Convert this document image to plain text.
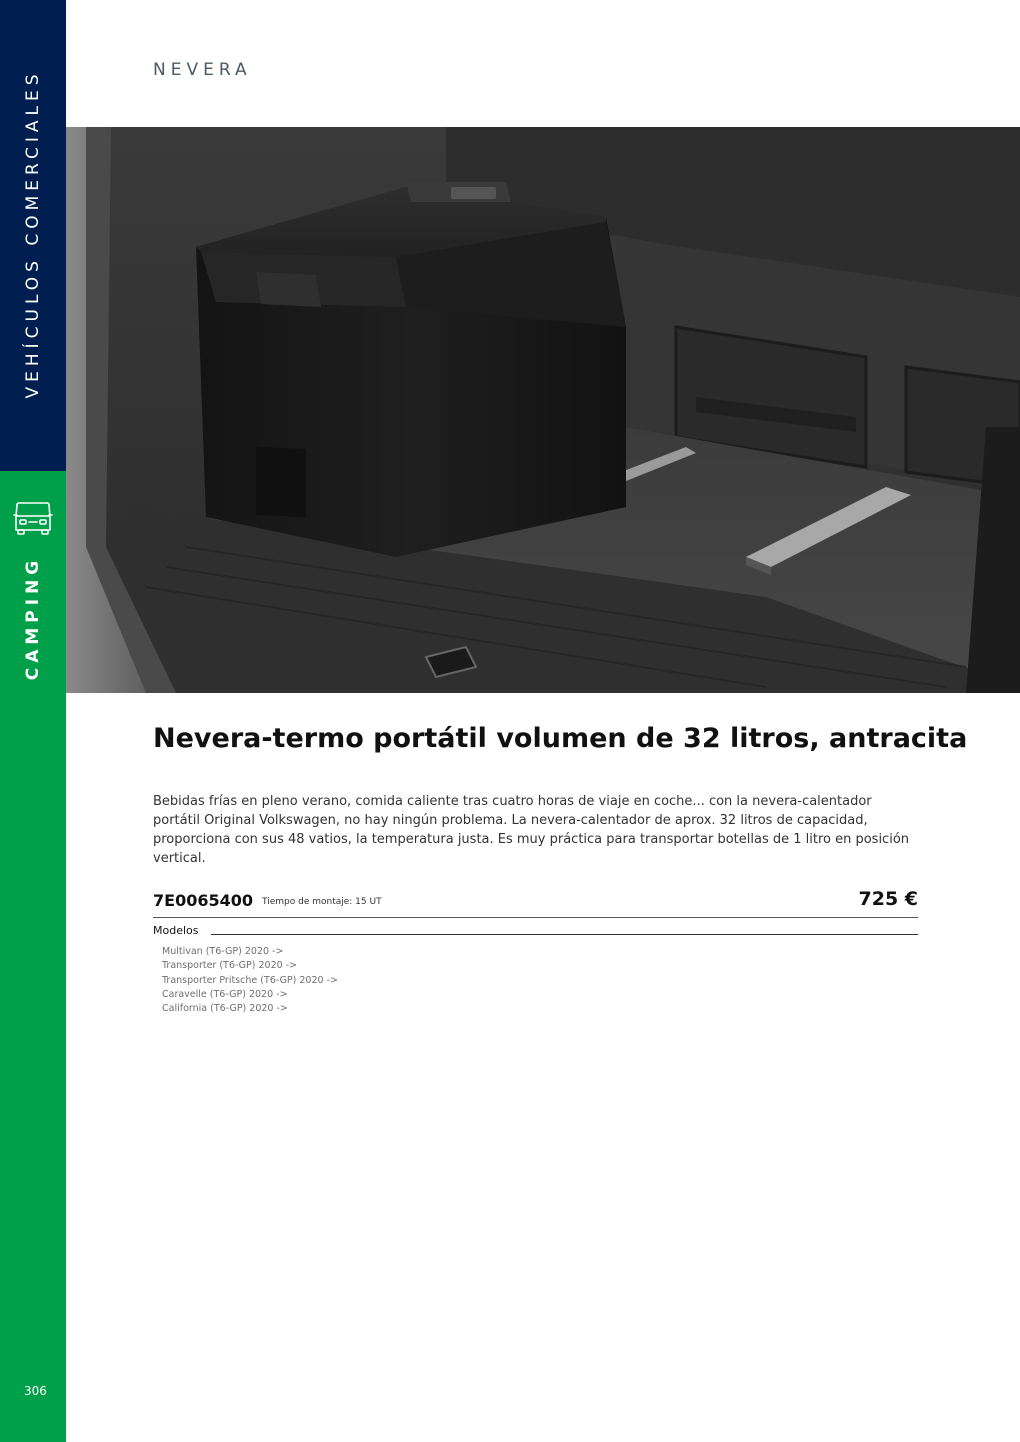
VEHÍCULOS COMERCIALES
CAMPING
306
NEVERA
Nevera-termo portátil volumen de 32 litros, antracita

Bebidas frías en pleno verano, comida caliente tras cuatro horas de viaje en coche... con la nevera-calentador portátil Original Volkswagen, no hay ningún problema. La nevera-calentador de aprox. 32 litros de capacidad, proporciona con sus 48 vatios, la temperatura justa. Es muy práctica para transportar botellas de 1 litro en posición vertical.

7E0065400 Tiempo de montaje: 15 UT	725 €
Modelos
Multivan (T6-GP) 2020 ->
Transporter (T6-GP) 2020 ->
Transporter Pritsche (T6-GP) 2020 ->
Caravelle (T6-GP) 2020 ->
California (T6-GP) 2020 ->
